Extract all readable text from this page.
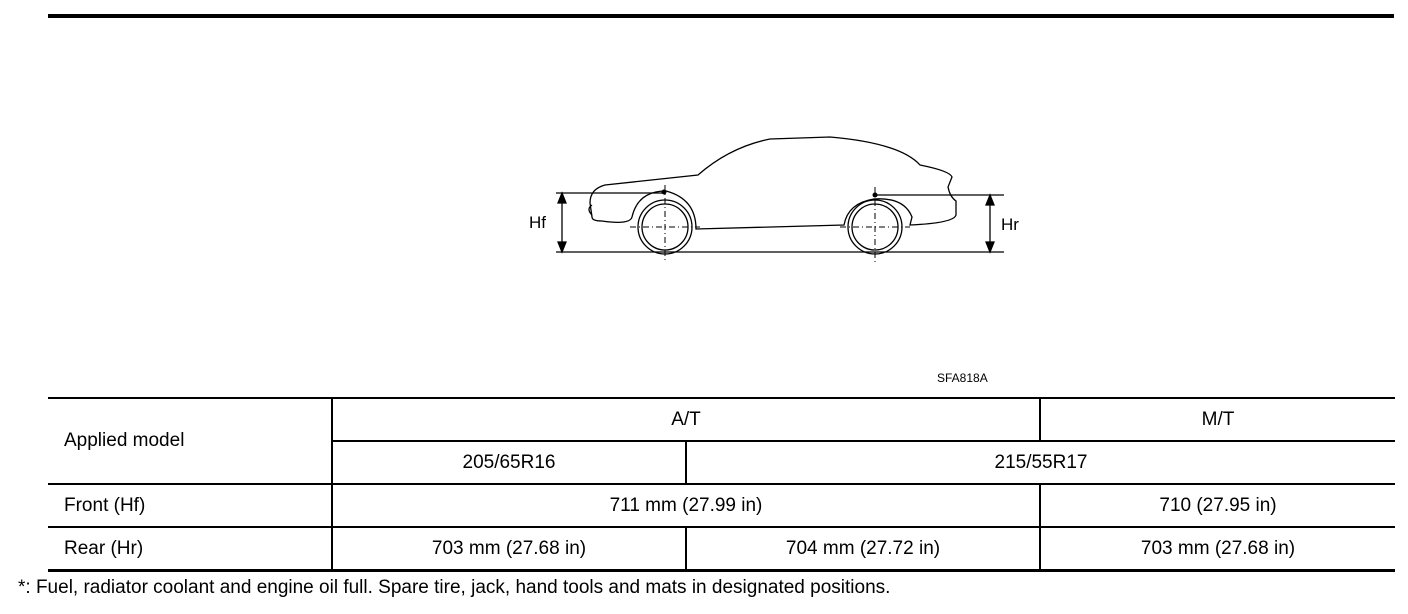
Hf	Hr
SFA818A
Applied model	A/T		M/T
	205/65R16	215/55R17	
Front (Hf)	711 mm (27.99 in)		710 (27.95 in)
Rear (Hr)	703 mm (27.68 in)	704 mm (27.72 in)	703 mm (27.68 in)
*: Fuel, radiator coolant and engine oil full. Spare tire, jack, hand tools and mats in designated positions.
